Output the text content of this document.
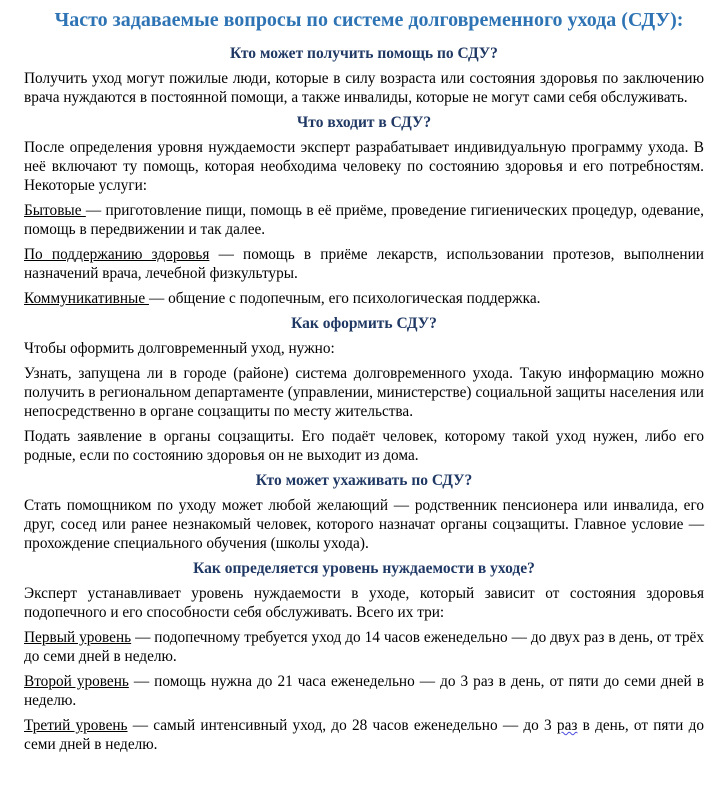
Часто задаваемые вопросы по системе долговременного ухода (СДУ):
Кто может получить помощь по СДУ?

Получить уход могут пожилые люди, которые в силу возраста или состояния здоровья по заключению врача нуждаются в постоянной помощи, а также инвалиды, которые не могут сами себя обслуживать.

Что входит в СДУ?

После определения уровня нуждаемости эксперт разрабатывает индивидуальную программу ухода. В неё включают ту помощь, которая необходима человеку по состоянию здоровья и его потребностям. Некоторые услуги:

Бытовые — приготовление пищи, помощь в её приёме, проведение гигиенических процедур, одевание, помощь в передвижении и так далее.

По поддержанию здоровья — помощь в приёме лекарств, использовании протезов, выполнении назначений врача, лечебной физкультуры.

Коммуникативные — общение с подопечным, его психологическая поддержка.

Как оформить СДУ?

Чтобы оформить долговременный уход, нужно:

Узнать, запущена ли в городе (районе) система долговременного ухода. Такую информацию можно получить в региональном департаменте (управлении, министерстве) социальной защиты населения или непосредственно в органе соцзащиты по месту жительства.

Подать заявление в органы соцзащиты. Его подаёт человек, которому такой уход нужен, либо его родные, если по состоянию здоровья он не выходит из дома.

Кто может ухаживать по СДУ?

Стать помощником по уходу может любой желающий — родственник пенсионера или инвалида, его друг, сосед или ранее незнакомый человек, которого назначат органы соцзащиты. Главное условие — прохождение специального обучения (школы ухода).

Как определяется уровень нуждаемости в уходе?

Эксперт устанавливает уровень нуждаемости в уходе, который зависит от состояния здоровья подопечного и его способности себя обслуживать. Всего их три:

Первый уровень — подопечному требуется уход до 14 часов еженедельно — до двух раз в день, от трёх до семи дней в неделю.

Второй уровень — помощь нужна до 21 часа еженедельно — до 3 раз в день, от пяти до семи дней в неделю.

Третий уровень — самый интенсивный уход, до 28 часов еженедельно — до 3 раз в день, от пяти до семи дней в неделю.
